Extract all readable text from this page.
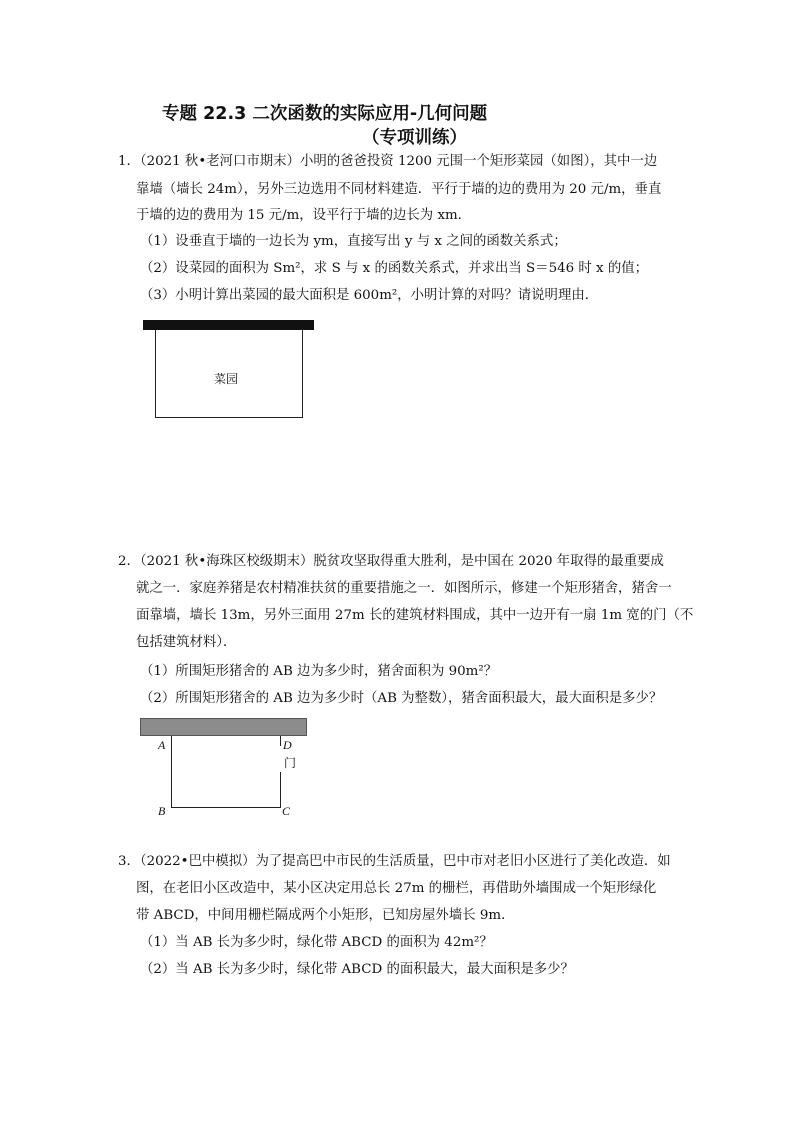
专题 22.3 二次函数的实际应用-几何问题
（专项训练）
1．（2021 秋•老河口市期末）小明的爸爸投资 1200 元围一个矩形菜园（如图），其中一边
靠墙（墙长 24m），另外三边选用不同材料建造．平行于墙的边的费用为 20 元/m，垂直
于墙的边的费用为 15 元/m，设平行于墙的边长为 xm．
（1）设垂直于墙的一边长为 ym，直接写出 y 与 x 之间的函数关系式；
（2）设菜园的面积为 Sm²，求 S 与 x 的函数关系式，并求出当 S＝546 时 x 的值；
（3）小明计算出菜园的最大面积是 600m²，小明计算的对吗？请说明理由．
菜园
2．（2021 秋•海珠区校级期末）脱贫攻坚取得重大胜利，是中国在 2020 年取得的最重要成
就之一．家庭养猪是农村精准扶贫的重要措施之一．如图所示，修建一个矩形猪舍，猪舍一
面靠墙，墙长 13m，另外三面用 27m 长的建筑材料围成，其中一边开有一扇 1m 宽的门（不
包括建筑材料）．
（1）所围矩形猪舍的 AB 边为多少时，猪舍面积为 90m²？
（2）所围矩形猪舍的 AB 边为多少时（AB 为整数），猪舍面积最大，最大面积是多少？
A	D
门
B	C
3．（2022•巴中模拟）为了提高巴中市民的生活质量，巴中市对老旧小区进行了美化改造．如
图，在老旧小区改造中，某小区决定用总长 27m 的栅栏，再借助外墙围成一个矩形绿化
带 ABCD，中间用栅栏隔成两个小矩形，已知房屋外墙长 9m．
（1）当 AB 长为多少时，绿化带 ABCD 的面积为 42m²？
（2）当 AB 长为多少时，绿化带 ABCD 的面积最大，最大面积是多少？
